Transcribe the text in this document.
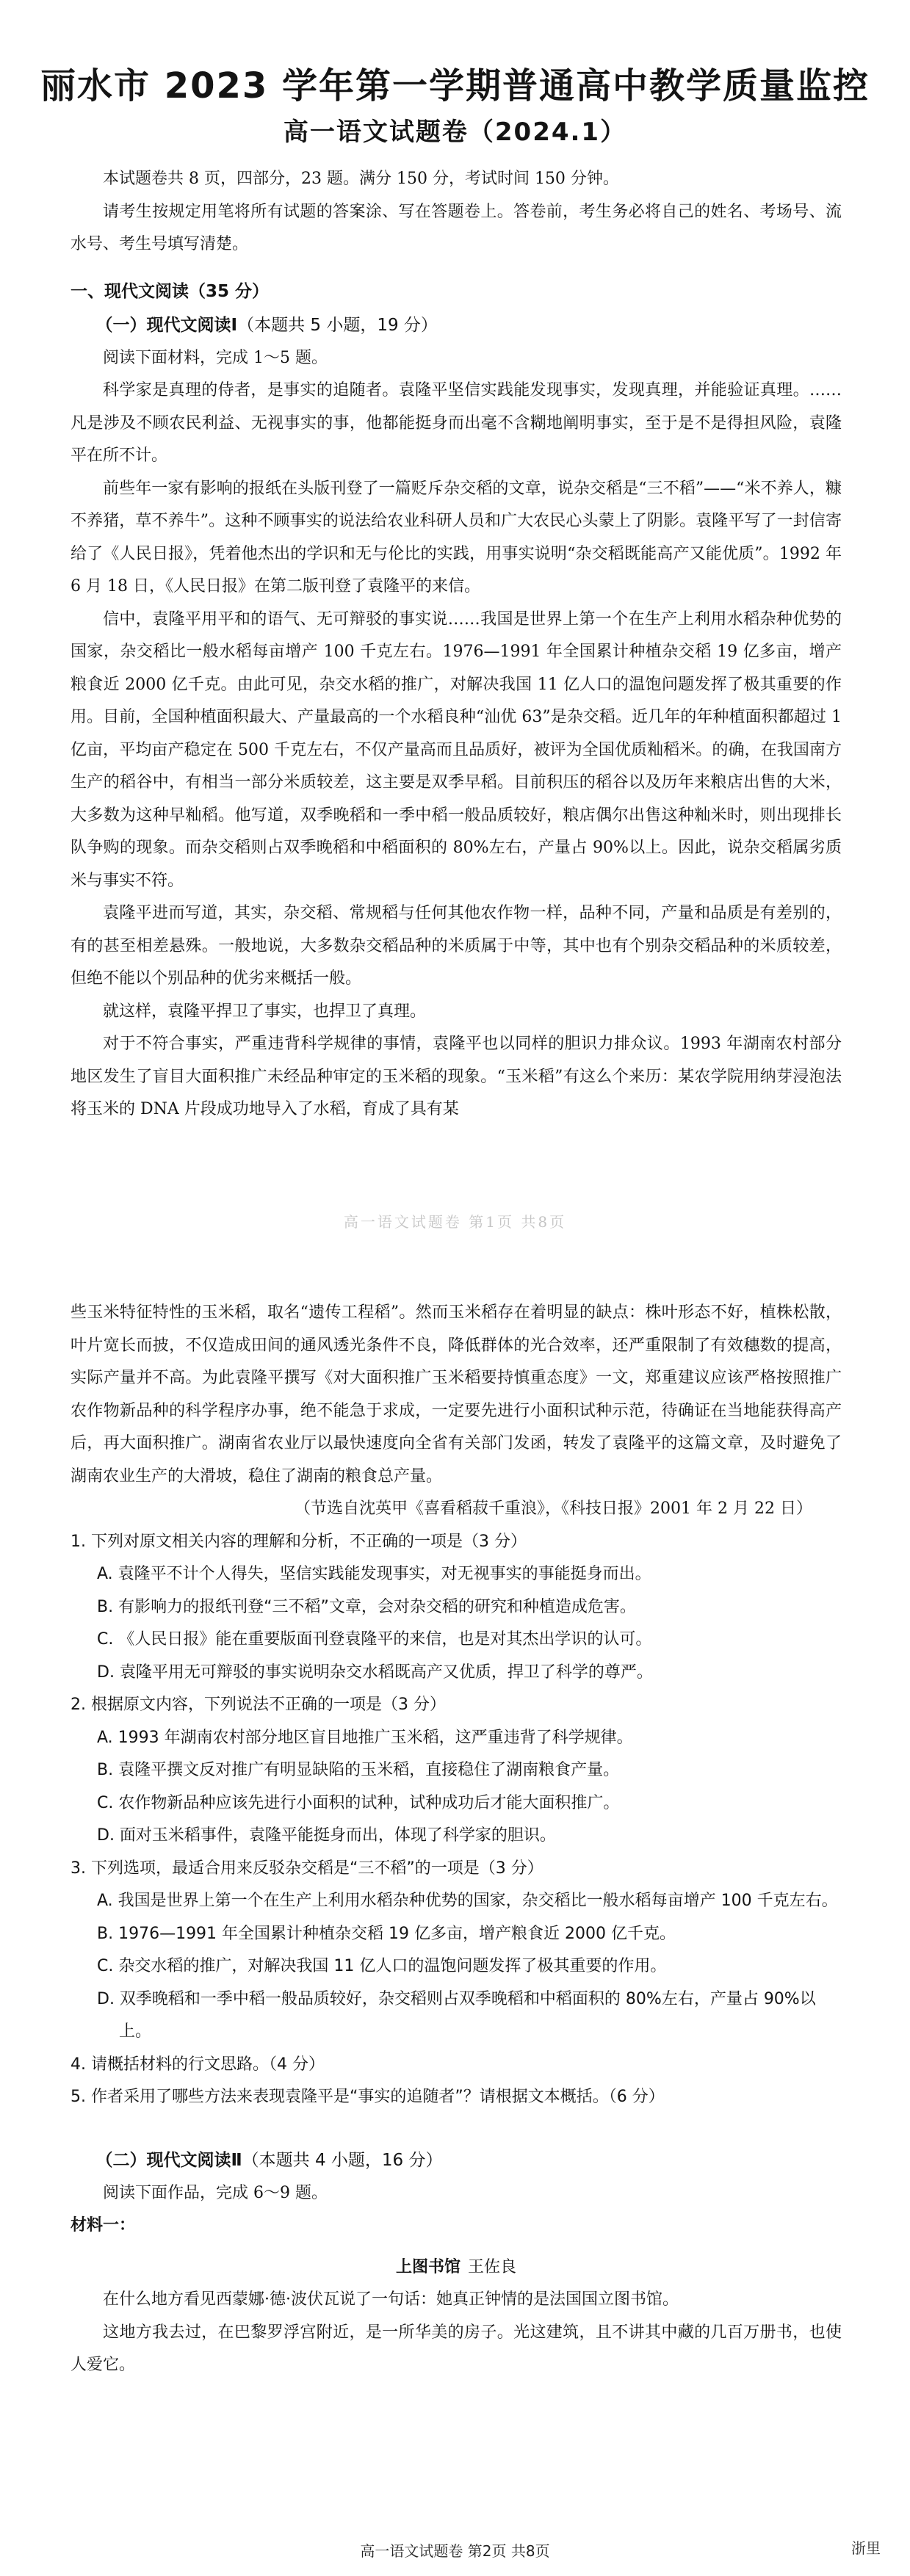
丽水市 2023 学年第一学期普通高中教学质量监控
高一语文试题卷（2024.1）

本试题卷共 8 页，四部分，23 题。满分 150 分，考试时间 150 分钟。

请考生按规定用笔将所有试题的答案涂、写在答题卷上。答卷前，考生务必将自己的姓名、考场号、流水号、考生号填写清楚。

一、现代文阅读（35 分）
（一）现代文阅读Ⅰ（本题共 5 小题，19 分）

阅读下面材料，完成 1～5 题。

科学家是真理的侍者，是事实的追随者。袁隆平坚信实践能发现事实，发现真理，并能验证真理。……凡是涉及不顾农民利益、无视事实的事，他都能挺身而出毫不含糊地阐明事实，至于是不是得担风险，袁隆平在所不计。

前些年一家有影响的报纸在头版刊登了一篇贬斥杂交稻的文章，说杂交稻是“三不稻”——“米不养人，糠不养猪，草不养牛”。这种不顾事实的说法给农业科研人员和广大农民心头蒙上了阴影。袁隆平写了一封信寄给了《人民日报》，凭着他杰出的学识和无与伦比的实践，用事实说明“杂交稻既能高产又能优质”。1992 年 6 月 18 日，《人民日报》在第二版刊登了袁隆平的来信。

信中，袁隆平用平和的语气、无可辩驳的事实说……我国是世界上第一个在生产上利用水稻杂种优势的国家，杂交稻比一般水稻每亩增产 100 千克左右。1976—1991 年全国累计种植杂交稻 19 亿多亩，增产粮食近 2000 亿千克。由此可见，杂交水稻的推广，对解决我国 11 亿人口的温饱问题发挥了极其重要的作用。目前，全国种植面积最大、产量最高的一个水稻良种“汕优 63”是杂交稻。近几年的年种植面积都超过 1 亿亩，平均亩产稳定在 500 千克左右，不仅产量高而且品质好，被评为全国优质籼稻米。的确，在我国南方生产的稻谷中，有相当一部分米质较差，这主要是双季早稻。目前积压的稻谷以及历年来粮店出售的大米，大多数为这种早籼稻。他写道，双季晚稻和一季中稻一般品质较好，粮店偶尔出售这种籼米时，则出现排长队争购的现象。而杂交稻则占双季晚稻和中稻面积的 80%左右，产量占 90%以上。因此，说杂交稻属劣质米与事实不符。

袁隆平进而写道，其实，杂交稻、常规稻与任何其他农作物一样，品种不同，产量和品质是有差别的，有的甚至相差悬殊。一般地说，大多数杂交稻品种的米质属于中等，其中也有个别杂交稻品种的米质较差，但绝不能以个别品种的优劣来概括一般。

就这样，袁隆平捍卫了事实，也捍卫了真理。

对于不符合事实，严重违背科学规律的事情，袁隆平也以同样的胆识力排众议。1993 年湖南农村部分地区发生了盲目大面积推广未经品种审定的玉米稻的现象。“玉米稻”有这么个来历：某农学院用纳芽浸泡法将玉米的 DNA 片段成功地导入了水稻，育成了具有某

高一语文试题卷 第1页 共8页

些玉米特征特性的玉米稻，取名“遗传工程稻”。然而玉米稻存在着明显的缺点：株叶形态不好，植株松散，叶片宽长而披，不仅造成田间的通风透光条件不良，降低群体的光合效率，还严重限制了有效穗数的提高，实际产量并不高。为此袁隆平撰写《对大面积推广玉米稻要持慎重态度》一文，郑重建议应该严格按照推广农作物新品种的科学程序办事，绝不能急于求成，一定要先进行小面积试种示范，待确证在当地能获得高产后，再大面积推广。湖南省农业厅以最快速度向全省有关部门发函，转发了袁隆平的这篇文章，及时避免了湖南农业生产的大滑坡，稳住了湖南的粮食总产量。

（节选自沈英甲《喜看稻菽千重浪》，《科技日报》2001 年 2 月 22 日）

1. 下列对原文相关内容的理解和分析，不正确的一项是（3 分）
A. 袁隆平不计个人得失，坚信实践能发现事实，对无视事实的事能挺身而出。
B. 有影响力的报纸刊登“三不稻”文章，会对杂交稻的研究和种植造成危害。
C. 《人民日报》能在重要版面刊登袁隆平的来信，也是对其杰出学识的认可。
D. 袁隆平用无可辩驳的事实说明杂交水稻既高产又优质，捍卫了科学的尊严。
2. 根据原文内容，下列说法不正确的一项是（3 分）
A. 1993 年湖南农村部分地区盲目地推广玉米稻，这严重违背了科学规律。
B. 袁隆平撰文反对推广有明显缺陷的玉米稻，直接稳住了湖南粮食产量。
C. 农作物新品种应该先进行小面积的试种，试种成功后才能大面积推广。
D. 面对玉米稻事件，袁隆平能挺身而出，体现了科学家的胆识。
3. 下列选项，最适合用来反驳杂交稻是“三不稻”的一项是（3 分）
A. 我国是世界上第一个在生产上利用水稻杂种优势的国家，杂交稻比一般水稻每亩增产 100 千克左右。
B. 1976—1991 年全国累计种植杂交稻 19 亿多亩，增产粮食近 2000 亿千克。
C. 杂交水稻的推广，对解决我国 11 亿人口的温饱问题发挥了极其重要的作用。
D. 双季晚稻和一季中稻一般品质较好，杂交稻则占双季晚稻和中稻面积的 80%左右，产量占 90%以上。
4. 请概括材料的行文思路。（4 分）
5. 作者采用了哪些方法来表现袁隆平是“事实的追随者”？请根据文本概括。（6 分）
（二）现代文阅读Ⅱ（本题共 4 小题，16 分）

阅读下面作品，完成 6～9 题。

材料一：

上图书馆 王佐良

在什么地方看见西蒙娜·德·波伏瓦说了一句话：她真正钟情的是法国国立图书馆。

这地方我去过，在巴黎罗浮宫附近，是一所华美的房子。光这建筑，且不讲其中藏的几百万册书，也使人爱它。

高一语文试题卷 第2页 共8页	浙里
